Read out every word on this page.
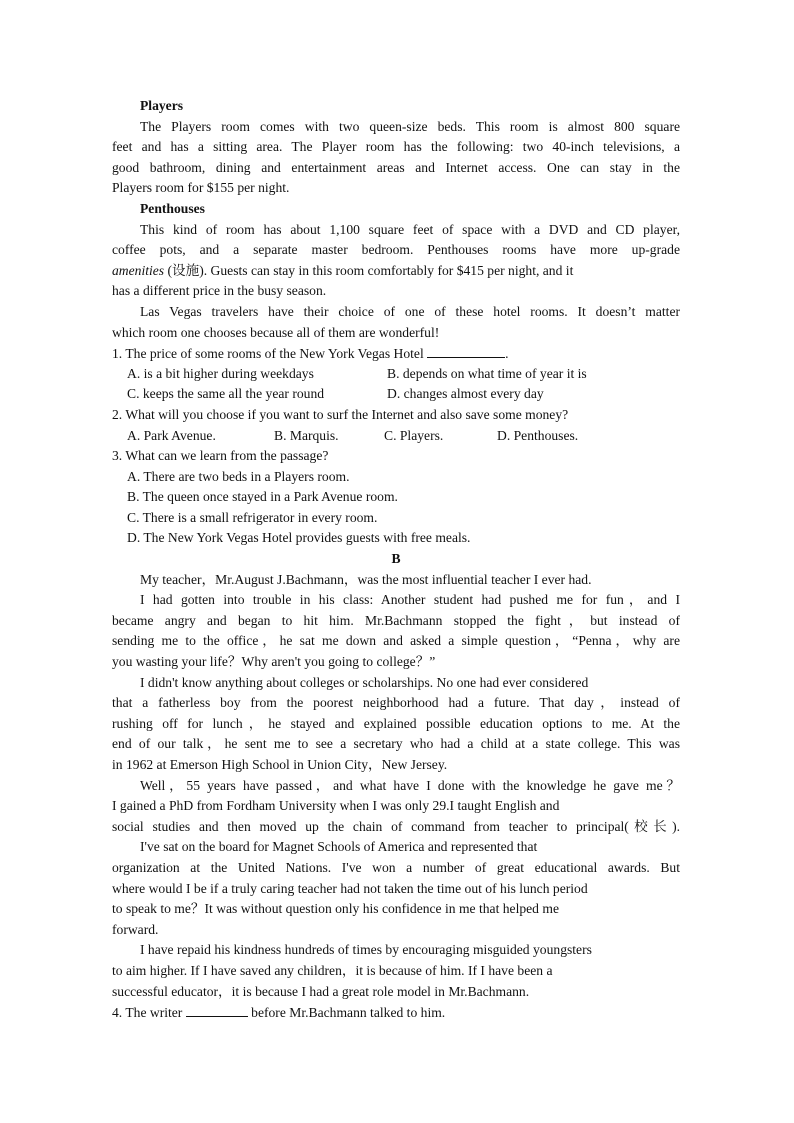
Players
The Players room comes with two queen-size beds. This room is almost 800 square
feet and has a sitting area. The Player room has the following: two 40-inch televisions, a
good bathroom, dining and entertainment areas and Internet access. One can stay in the
Players room for $155 per night.
Penthouses
This kind of room has about 1,100 square feet of space with a DVD and CD player,
coffee pots, and a separate master bedroom. Penthouses rooms have more up-grade
amenities (设施). Guests can stay in this room comfortably for $415 per night, and it
has a different price in the busy season.
Las Vegas travelers have their choice of one of these hotel rooms. It doesn’t matter
which room one chooses because all of them are wonderful!
1. The price of some rooms of the New York Vegas Hotel	.
A. is a bit higher during weekdays	B. depends on what time of year it is
C. keeps the same all the year round	D. changes almost every day
2. What will you choose if you want to surf the Internet and also save some money?
A. Park Avenue.	B. Marquis.	C. Players.	D. Penthouses.
3. What can we learn from the passage?
A. There are two beds in a Players room.
B. The queen once stayed in a Park Avenue room.
C. There is a small refrigerator in every room.
D. The New York Vegas Hotel provides guests with free meals.
B
My teacher，Mr.August J.Bachmann，was the most influential teacher I ever had.
I had gotten into trouble in his class: Another student had pushed me for fun，and I
became angry and began to hit him. Mr.Bachmann stopped the fight，but instead of
sending me to the office，he sat me down and asked a simple question，“Penna，why are
you wasting your life？Why aren't you going to college？”
I didn't know anything about colleges or scholarships. No one had ever considered
that a fatherless boy from the poorest neighborhood had a future. That day，instead of
rushing off for lunch，he stayed and explained possible education options to me. At the
end of our talk，he sent me to see a secretary who had a child at a state college. This was
in 1962 at Emerson High School in Union City，New Jersey.
Well，55 years have passed，and what have I done with the knowledge he gave me？
I gained a PhD from Fordham University when I was only 29.I taught English and
social studies and then moved up the chain of command from teacher to principal(校长).
I've sat on the board for Magnet Schools of America and represented that
organization at the United Nations. I've won a number of great educational awards. But
where would I be if a truly caring teacher had not taken the time out of his lunch period
to speak to me？It was without question only his confidence in me that helped me
forward.
I have repaid his kindness hundreds of times by encouraging misguided youngsters
to aim higher. If I have saved any children，it is because of him. If I have been a
successful educator，it is because I had a great role model in Mr.Bachmann.
4. The writer	before Mr.Bachmann talked to him.
